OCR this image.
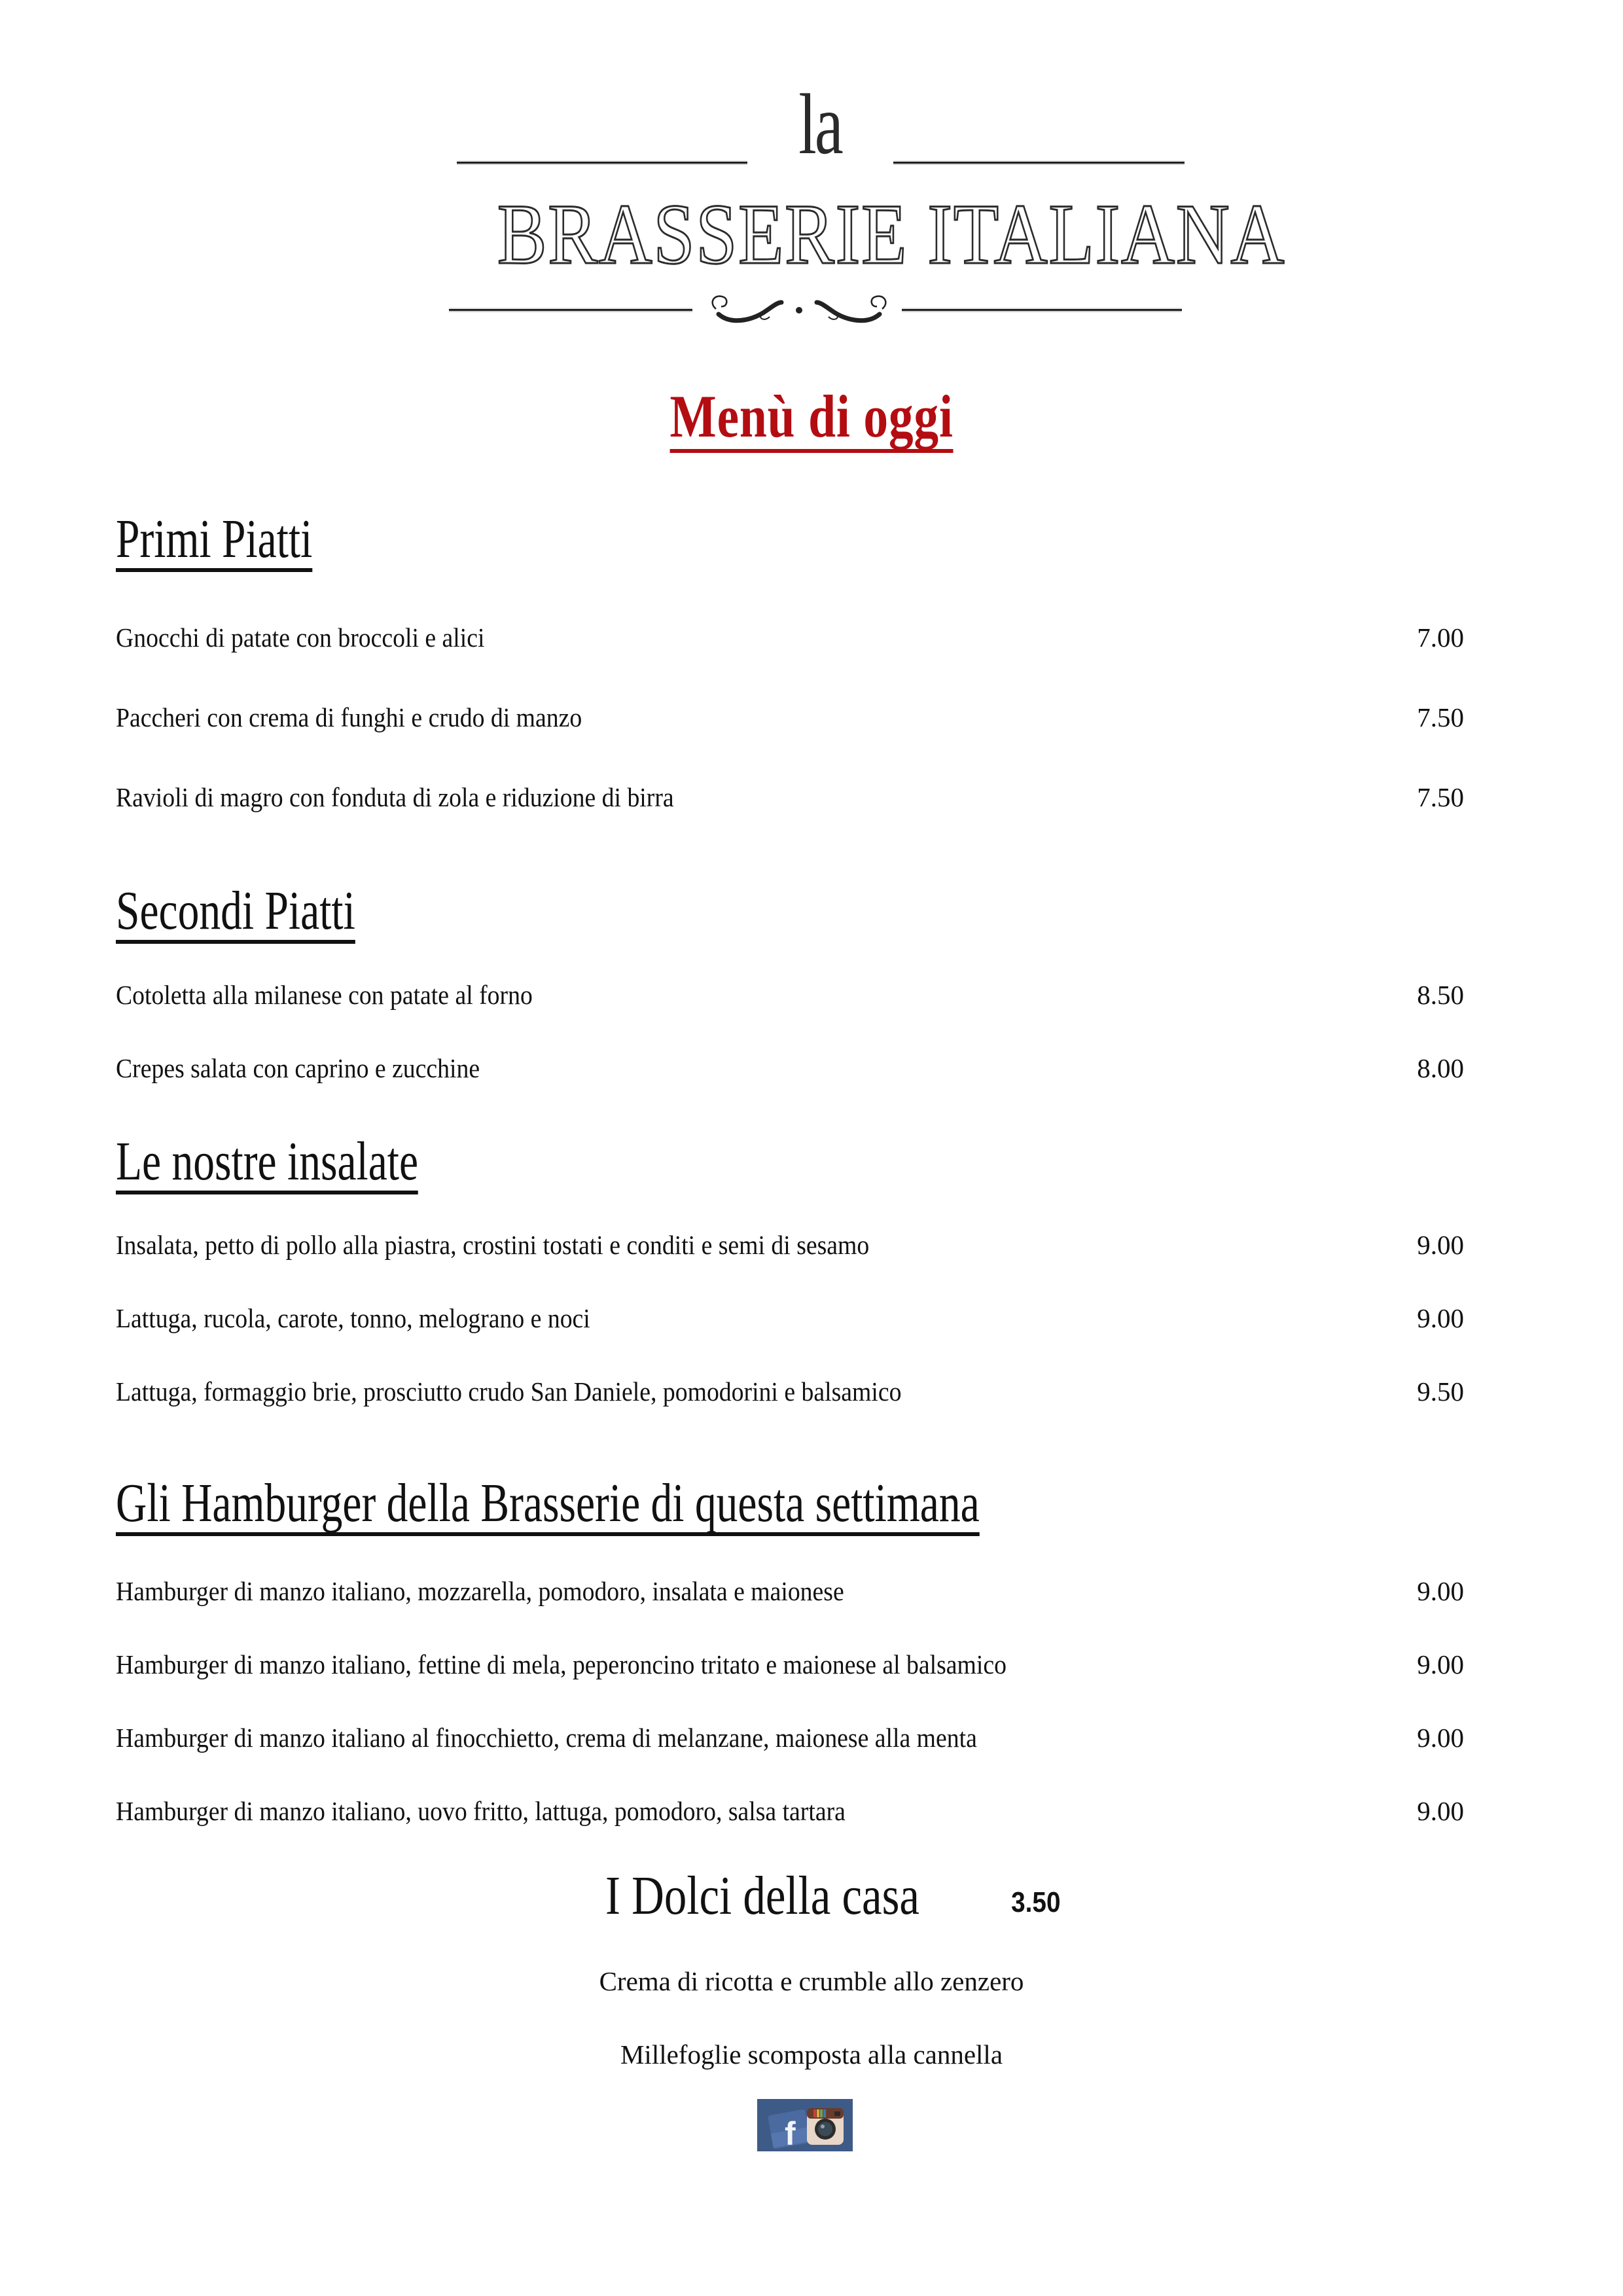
la
BRASSERIE ITALIANA
Menù di oggi
Primi Piatti
Gnocchi di patate con broccoli e alici	7.00
Paccheri con crema di funghi e crudo di manzo	7.50
Ravioli di magro con fonduta di zola e riduzione di birra	7.50
Secondi Piatti
Cotoletta alla milanese con patate al forno	8.50
Crepes salata con caprino e zucchine	8.00
Le nostre insalate
Insalata, petto di pollo alla piastra, crostini tostati e conditi e semi di sesamo	9.00
Lattuga, rucola, carote, tonno, melograno e noci	9.00
Lattuga, formaggio brie, prosciutto crudo San Daniele, pomodorini e balsamico	9.50
Gli Hamburger della Brasserie di questa settimana
Hamburger di manzo italiano, mozzarella, pomodoro, insalata e maionese	9.00
Hamburger di manzo italiano, fettine di mela, peperoncino tritato e maionese al balsamico	9.00
Hamburger di manzo italiano al finocchietto, crema di melanzane, maionese alla menta	9.00
Hamburger di manzo italiano, uovo fritto, lattuga, pomodoro, salsa tartara	9.00
I Dolci della casa	3.50
Crema di ricotta e crumble allo zenzero
Millefoglie scomposta alla cannella
f
